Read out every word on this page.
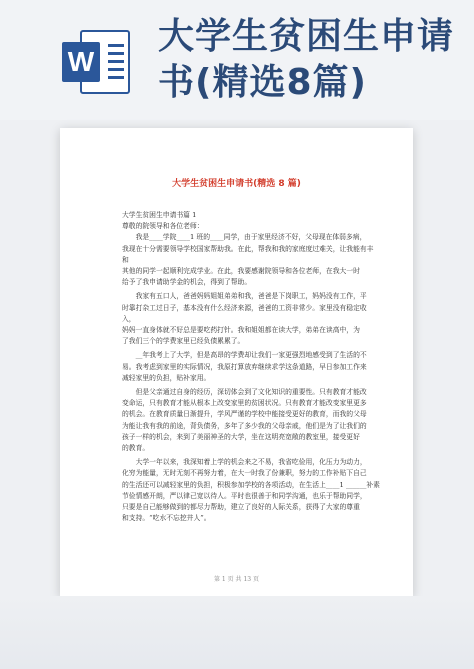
W
大学生贫困生申请
书(精选8篇)
大学生贫困生申请书(精选 8 篇)

大学生贫困生申请书篇 1

尊敬的院领导和各位老师：

我是____学院____1 班的____同学，由于家里经济不好，父母现在体弱多病，

我现在十分需要领导学校国家帮助我。在此，帮我和我的家庭度过难关，让我能有丰和

其他的同学一起顺利完成学业。在此，我要感谢院领导和各位老师，在我大一时

给予了我申请助学金的机会，得到了帮助。

我家有五口人，爸爸妈妈姐姐弟弟和我，爸爸是下岗职工，妈妈没有工作，平

时靠打杂工过日子，基本没有什么经济来源，爸爸的工资非常少。家里没有稳定收入，

妈妈一直身体就不好总是要吃药打针。我和姐姐都在读大学，弟弟在读高中，为

了我们三个的学费家里已经负债累累了。

__年我考上了大学，但是高昂的学费却让我们一家更强烈地感受到了生活的不

易。我考虑到家里的实际情况，我原打算放弃继续求学这条道路，早日参加工作来

减轻家里的负担，贴补家用。

但是父亲通过自身的经历，深切体会到了文化知识的重要性。只有教育才能改

变命运，只有教育才能从根本上改变家里的贫困状况。只有教育才能改变家里更多

的机会。在教育质量日渐提升，学风严谨的学校中能接受更好的教育，而我的父母

为能让我有我的前途，背负债务，多年了多少我的父母亲戚，他们是为了让我们的

孩子一样的机会，来到了美丽神圣的大学，坐在这明亮宽敞的教室里，接受更好

的教育。

大学一年以来，我深知着上学的机会来之不易，我省吃俭用，化压力为动力，

化穷为能量，无时无刻不再努力着，在大一时我了份兼职，努力的工作补贴下自己

的生活还可以减轻家里的负担，积极参加学校的各项活动，在生活上____1 ______补素

节俭情感开朗，严以律己宽以待人。平时也很善于和同学沟通，也乐于帮助同学，

只要是自己能够做到的都尽力帮助，建立了良好的人际关系，获得了大家的尊重

和支持。“吃水不忘挖井人”。

第 1 页 共 13 页
